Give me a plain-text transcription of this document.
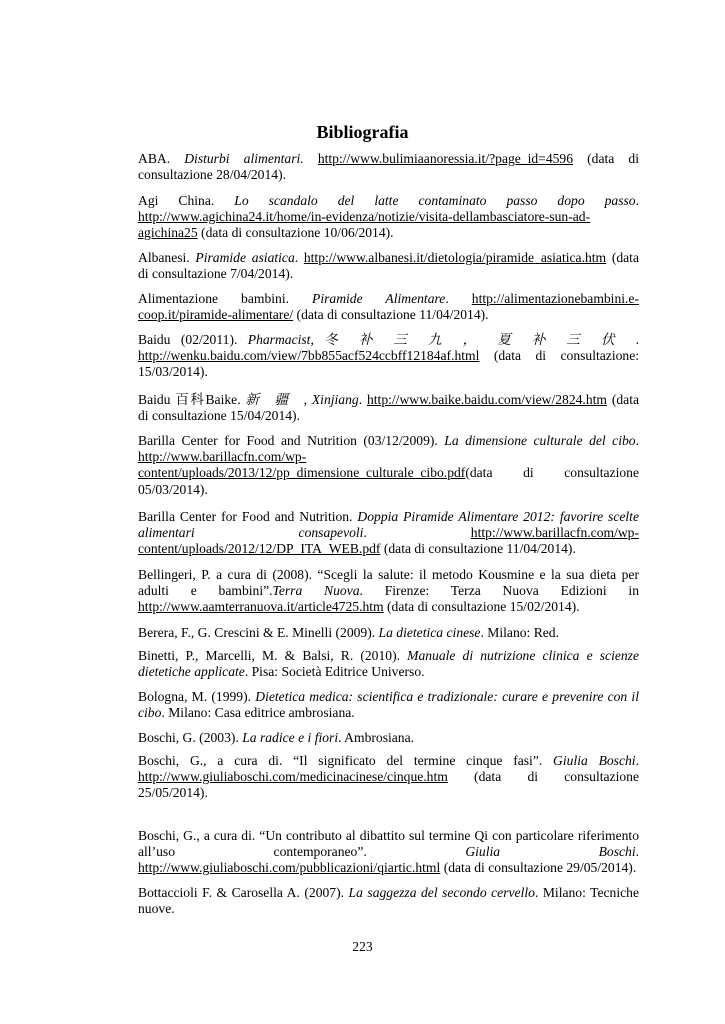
Bibliografia

ABA. Disturbi alimentari. http://www.bulimiaanoressia.it/?page_id=4596 (data di consultazione 28/04/2014).

Agi China. Lo scandalo del latte contaminato passo dopo passo. http://www.agichina24.it/home/in-evidenza/notizie/visita-dellambasciatore-sun-ad-agichina25 (data di consultazione 10/06/2014).

Albanesi. Piramide asiatica. http://www.albanesi.it/dietologia/piramide_asiatica.htm (data di consultazione 7/04/2014).

Alimentazione bambini. Piramide Alimentare. http://alimentazionebambini.e-coop.it/piramide-alimentare/ (data di consultazione 11/04/2014).

Baidu (02/2011). Pharmacist, 冬补三九，夏补三伏. http://wenku.baidu.com/view/7bb855acf524ccbff12184af.html (data di consultazione: 15/03/2014).

Baidu 百科Baike. 新疆, Xinjiang. http://www.baike.baidu.com/view/2824.htm (data di consultazione 15/04/2014).

Barilla Center for Food and Nutrition (03/12/2009). La dimensione culturale del cibo. http://www.barillacfn.com/wp-content/uploads/2013/12/pp_dimensione_culturale_cibo.pdf(data di consultazione 05/03/2014).

Barilla Center for Food and Nutrition. Doppia Piramide Alimentare 2012: favorire scelte alimentari consapevoli. http://www.barillacfn.com/wp-content/uploads/2012/12/DP_ITA_WEB.pdf (data di consultazione 11/04/2014).

Bellingeri, P. a cura di (2008). “Scegli la salute: il metodo Kousmine e la sua dieta per adulti e bambini”.Terra Nuova. Firenze: Terza Nuova Edizioni in http://www.aamterranuova.it/article4725.htm (data di consultazione 15/02/2014).

Berera, F., G. Crescini & E. Minelli (2009). La dietetica cinese. Milano: Red.

Binetti, P., Marcelli, M. & Balsi, R. (2010). Manuale di nutrizione clinica e scienze dietetiche applicate. Pisa: Società Editrice Universo.

Bologna, M. (1999). Dietetica medica: scientifica e tradizionale: curare e prevenire con il cibo. Milano: Casa editrice ambrosiana.

Boschi, G. (2003). La radice e i fiori. Ambrosiana.

Boschi, G., a cura di. “Il significato del termine cinque fasi”. Giulia Boschi. http://www.giuliaboschi.com/medicinacinese/cinque.htm (data di consultazione 25/05/2014).

Boschi, G., a cura di. “Un contributo al dibattito sul termine Qi con particolare riferimento all’uso contemporaneo”. Giulia Boschi. http://www.giuliaboschi.com/pubblicazioni/qiartic.html (data di consultazione 29/05/2014).

Bottaccioli F. & Carosella A. (2007). La saggezza del secondo cervello. Milano: Tecniche nuove.

223
